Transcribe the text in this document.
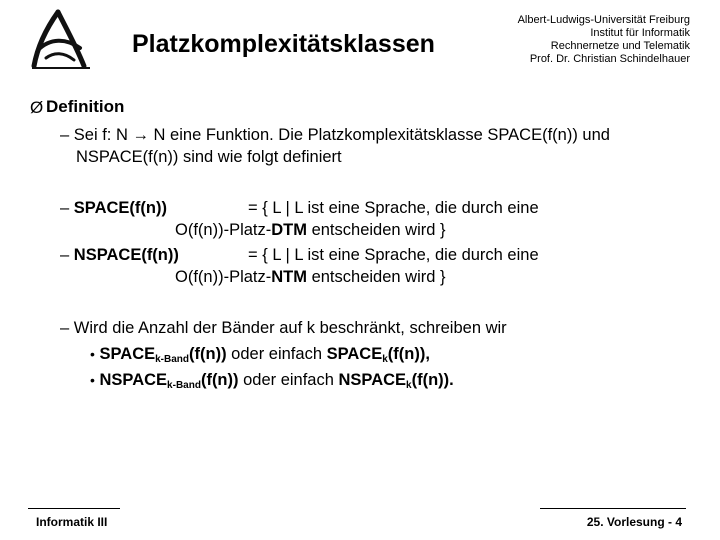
Platzkomplexitätsklassen
Albert-Ludwigs-Universität Freiburg
Institut für Informatik
Rechnernetze und Telematik
Prof. Dr. Christian Schindelhauer
Ø Definition
– Sei f: N → N eine Funktion. Die Platzkomplexitätsklasse SPACE(f(n)) und
NSPACE(f(n)) sind wie folgt definiert
– SPACE(f(n))	= { L | L ist eine Sprache, die durch eine
O(f(n))-Platz-DTM entscheiden wird }
– NSPACE(f(n))	= { L | L ist eine Sprache, die durch eine
O(f(n))-Platz-NTM entscheiden wird }
– Wird die Anzahl der Bänder auf k beschränkt, schreiben wir
• $SPACE_{k-Band}(f(n))$ oder einfach $SPACE_k(f(n))$,
• $NSPACE_{k-Band}(f(n))$ oder einfach $NSPACE_k(f(n))$.
Informatik III	25. Vorlesung - 4
